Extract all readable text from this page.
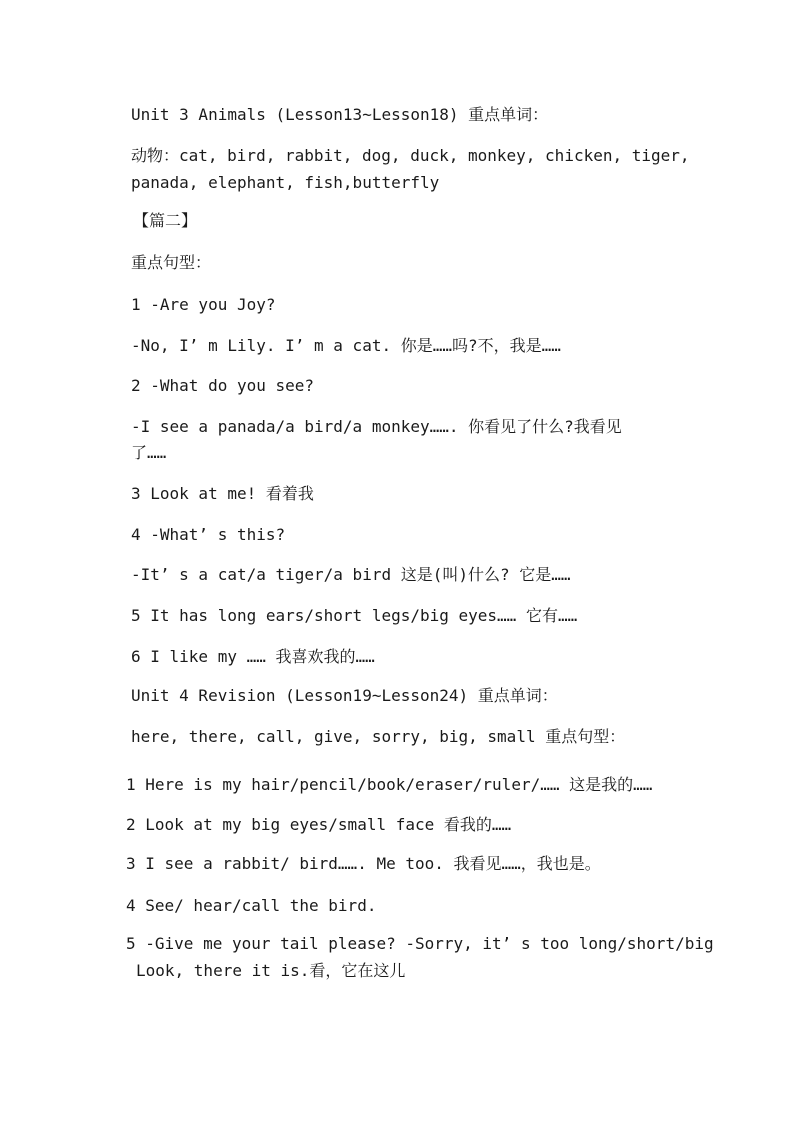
Unit 3 Animals (Lesson13~Lesson18) 重点单词：

动物：cat, bird, rabbit, dog, duck, monkey, chicken, tiger,

panada, elephant, fish,butterfly

【篇二】

重点句型：

1 -Are you Joy?

-No, I’ m Lily. I’ m a cat. 你是……吗?不，我是……

2 -What do you see?

-I see a panada/a bird/a monkey……. 你看见了什么?我看见

了……

3 Look at me! 看着我

4 -What’ s this?

-It’ s a cat/a tiger/a bird 这是(叫)什么? 它是……

5 It has long ears/short legs/big eyes…… 它有……

6 I like my …… 我喜欢我的……

Unit 4 Revision (Lesson19~Lesson24) 重点单词：

here, there, call, give, sorry, big, small 重点句型：

1 Here is my hair/pencil/book/eraser/ruler/…… 这是我的……

2 Look at my big eyes/small face 看我的……

3 I see a rabbit/ bird……. Me too. 我看见……，我也是。

4 See/ hear/call the bird.

5 -Give me your tail please? -Sorry, it’ s too long/short/big

Look, there it is.看，它在这儿
